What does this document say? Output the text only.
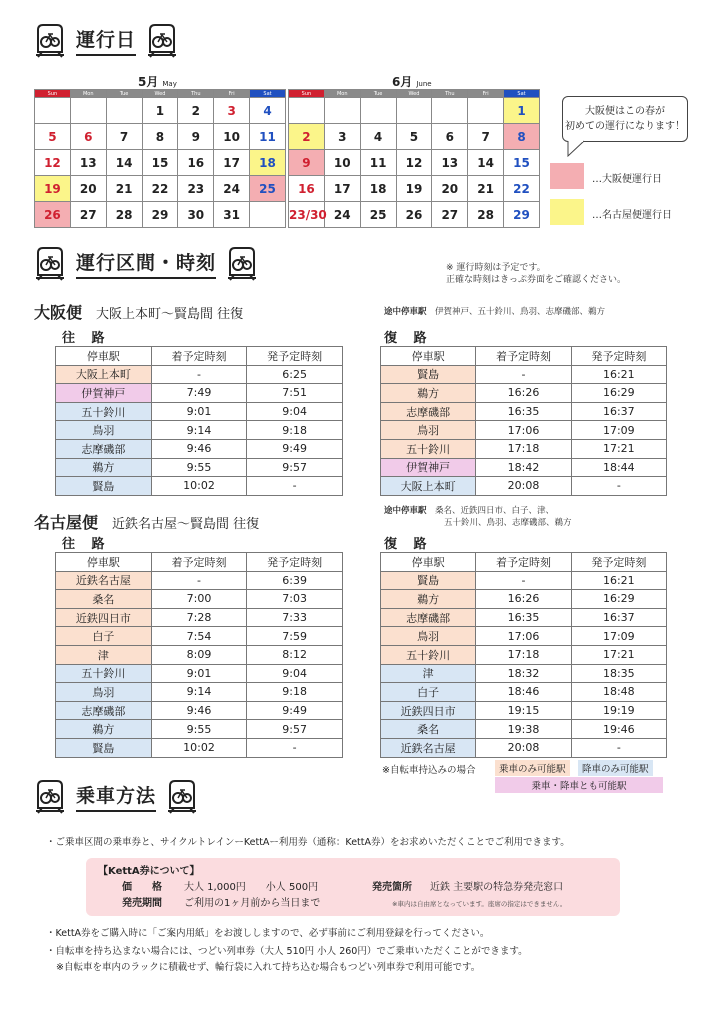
運行日
5月 May	6月 June
Sun	Mon	Tue	Wed	Thu	Fri	Sat
			1	2	3	4
5	6	7	8	9	10	11
12	13	14	15	16	17	18
19	20	21	22	23	24	25
26	27	28	29	30	31	
Sun	Mon	Tue	Wed	Thu	Fri	Sat
						1
2	3	4	5	6	7	8
9	10	11	12	13	14	15
16	17	18	19	20	21	22
23/30	24	25	26	27	28	29
大阪便はこの春が
初めての運行になります！
…大阪便運行日
…名古屋便運行日
運行区間・時刻	※ 運行時刻は予定です。
正確な時刻はきっぷ券面をご確認ください。
大阪便 大阪上本町〜賢島間 往復	途中停車駅　 伊賀神戸、五十鈴川、鳥羽、志摩磯部、鵜方
往 路	復 路
停車駅	着予定時刻	発予定時刻
大阪上本町	-	6:25
伊賀神戸	7:49	7:51
五十鈴川	9:01	9:04
鳥羽	9:14	9:18
志摩磯部	9:46	9:49
鵜方	9:55	9:57
賢島	10:02	-
停車駅	着予定時刻	発予定時刻
賢島	-	16:21
鵜方	16:26	16:29
志摩磯部	16:35	16:37
鳥羽	17:06	17:09
五十鈴川	17:18	17:21
伊賀神戸	18:42	18:44
大阪上本町	20:08	-
名古屋便 近鉄名古屋〜賢島間 往復
途中停車駅　 桑名、近鉄四日市、白子、津、
五十鈴川、鳥羽、志摩磯部、鵜方
往 路	復 路
停車駅	着予定時刻	発予定時刻
近鉄名古屋	-	6:39
桑名	7:00	7:03
近鉄四日市	7:28	7:33
白子	7:54	7:59
津	8:09	8:12
五十鈴川	9:01	9:04
鳥羽	9:14	9:18
志摩磯部	9:46	9:49
鵜方	9:55	9:57
賢島	10:02	-
停車駅	着予定時刻	発予定時刻
賢島	-	16:21
鵜方	16:26	16:29
志摩磯部	16:35	16:37
鳥羽	17:06	17:09
五十鈴川	17:18	17:21
津	18:32	18:35
白子	18:46	18:48
近鉄四日市	19:15	19:19
桑名	19:38	19:46
近鉄名古屋	20:08	-
※自転車持込みの場合	乗車のみ可能駅	降車のみ可能駅
乗車・降車とも可能駅
乗車方法
・ご乗車区間の乗車券と、サイクルトレインーKettAー利用券（通称：KettA券）をお求めいただくことでご利用できます。
【KettA券について】
価　　格 大人 1,000円　　小人 500円	発売箇所 近鉄 主要駅の特急券発売窓口
発売期間 ご利用の1ヶ月前から当日まで	※車内は自由席となっています。座席の指定はできません。
・KettA券をご購入時に「ご案内用紙」をお渡ししますので、必ず事前にご利用登録を行ってください。
・自転車を持ち込まない場合には、つどい列車券（大人 510円 小人 260円）でご乗車いただくことができます。
※自転車を車内のラックに積載せず、輪行袋に入れて持ち込む場合もつどい列車券で利用可能です。
